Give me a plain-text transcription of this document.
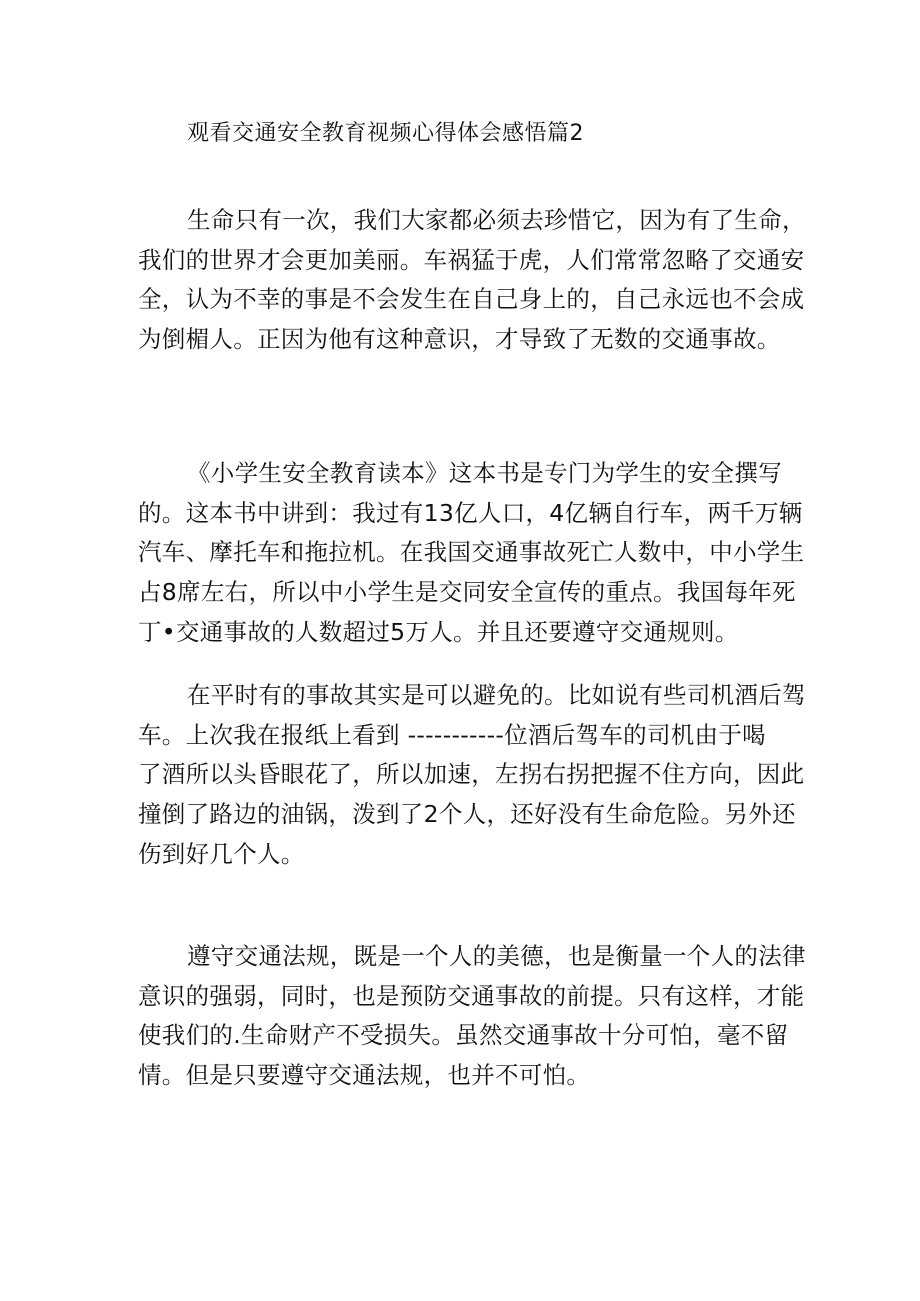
观看交通安全教育视频心得体会感悟篇2
生命只有一次，我们大家都必须去珍惜它，因为有了生命，
我们的世界才会更加美丽。车祸猛于虎，人们常常忽略了交通安
全，认为不幸的事是不会发生在自己身上的，自己永远也不会成
为倒楣人。正因为他有这种意识，才导致了无数的交通事故。
《小学生安全教育读本》这本书是专门为学生的安全撰写
的。这本书中讲到：我过有13亿人口，4亿辆自行车，两千万辆
汽车、摩托车和拖拉机。在我国交通事故死亡人数中，中小学生
占8席左右，所以中小学生是交同安全宣传的重点。我国每年死
丁•交通事故的人数超过5万人。并且还要遵守交通规则。
在平时有的事故其实是可以避免的。比如说有些司机酒后驾
车。上次我在报纸上看到 -----------位酒后驾车的司机由于喝
了酒所以头昏眼花了，所以加速，左拐右拐把握不住方向，因此
撞倒了路边的油锅，泼到了2个人，还好没有生命危险。另外还
伤到好几个人。
遵守交通法规，既是一个人的美德，也是衡量一个人的法律
意识的强弱，同时，也是预防交通事故的前提。只有这样，才能
使我们的.生命财产不受损失。虽然交通事故十分可怕，毫不留
情。但是只要遵守交通法规，也并不可怕。
